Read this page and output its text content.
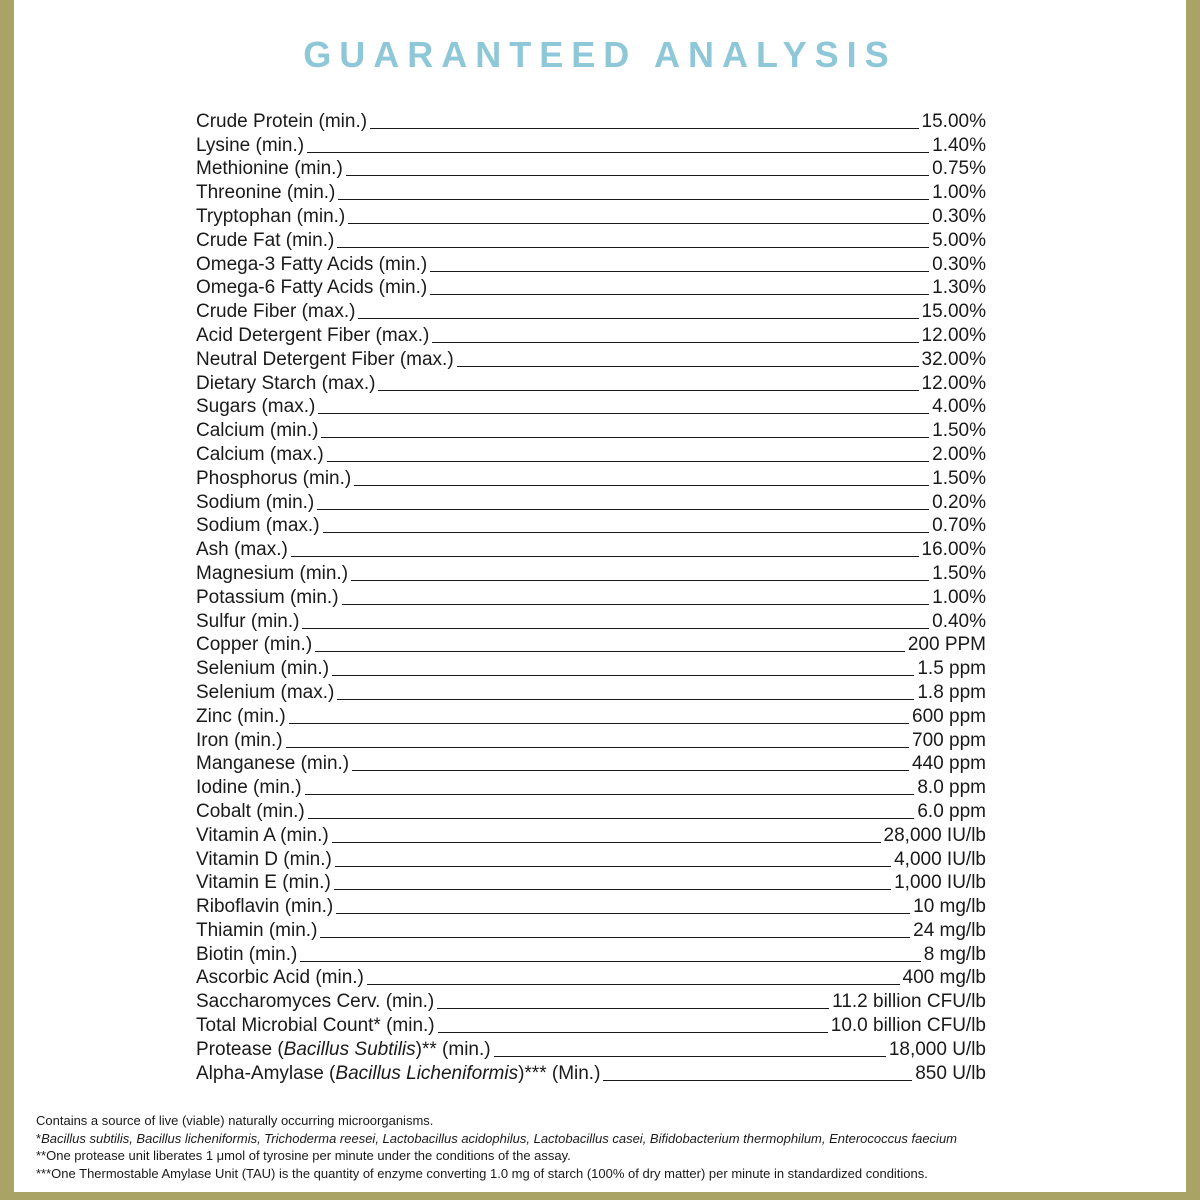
GUARANTEED ANALYSIS
Crude Protein (min.)	15.00%
Lysine (min.)	1.40%
Methionine (min.)	0.75%
Threonine (min.)	1.00%
Tryptophan (min.)	0.30%
Crude Fat (min.)	5.00%
Omega-3 Fatty Acids (min.)	0.30%
Omega-6 Fatty Acids (min.)	1.30%
Crude Fiber (max.)	15.00%
Acid Detergent Fiber (max.)	12.00%
Neutral Detergent Fiber (max.)	32.00%
Dietary Starch (max.)	12.00%
Sugars (max.)	4.00%
Calcium (min.)	1.50%
Calcium (max.)	2.00%
Phosphorus (min.)	1.50%
Sodium (min.)	0.20%
Sodium (max.)	0.70%
Ash (max.)	16.00%
Magnesium (min.)	1.50%
Potassium (min.)	1.00%
Sulfur (min.)	0.40%
Copper (min.)	200 PPM
Selenium (min.)	1.5 ppm
Selenium (max.)	1.8 ppm
Zinc (min.)	600 ppm
Iron (min.)	700 ppm
Manganese (min.)	440 ppm
Iodine (min.)	8.0 ppm
Cobalt (min.)	6.0 ppm
Vitamin A (min.)	28,000 IU/lb
Vitamin D (min.)	4,000 IU/lb
Vitamin E (min.)	1,000 IU/lb
Riboflavin (min.)	10 mg/lb
Thiamin (min.)	24 mg/lb
Biotin (min.)	8 mg/lb
Ascorbic Acid (min.)	400 mg/lb
Saccharomyces Cerv. (min.)	11.2 billion CFU/lb
Total Microbial Count* (min.)	10.0 billion CFU/lb
Protease (Bacillus Subtilis)** (min.)	18,000 U/lb
Alpha-Amylase (Bacillus Licheniformis)*** (Min.)	850 U/lb
Contains a source of live (viable) naturally occurring microorganisms.
*Bacillus subtilis, Bacillus licheniformis, Trichoderma reesei, Lactobacillus acidophilus, Lactobacillus casei, Bifidobacterium thermophilum, Enterococcus faecium
**One protease unit liberates 1 μmol of tyrosine per minute under the conditions of the assay.
***One Thermostable Amylase Unit (TAU) is the quantity of enzyme converting 1.0 mg of starch (100% of dry matter) per minute in standardized conditions.
